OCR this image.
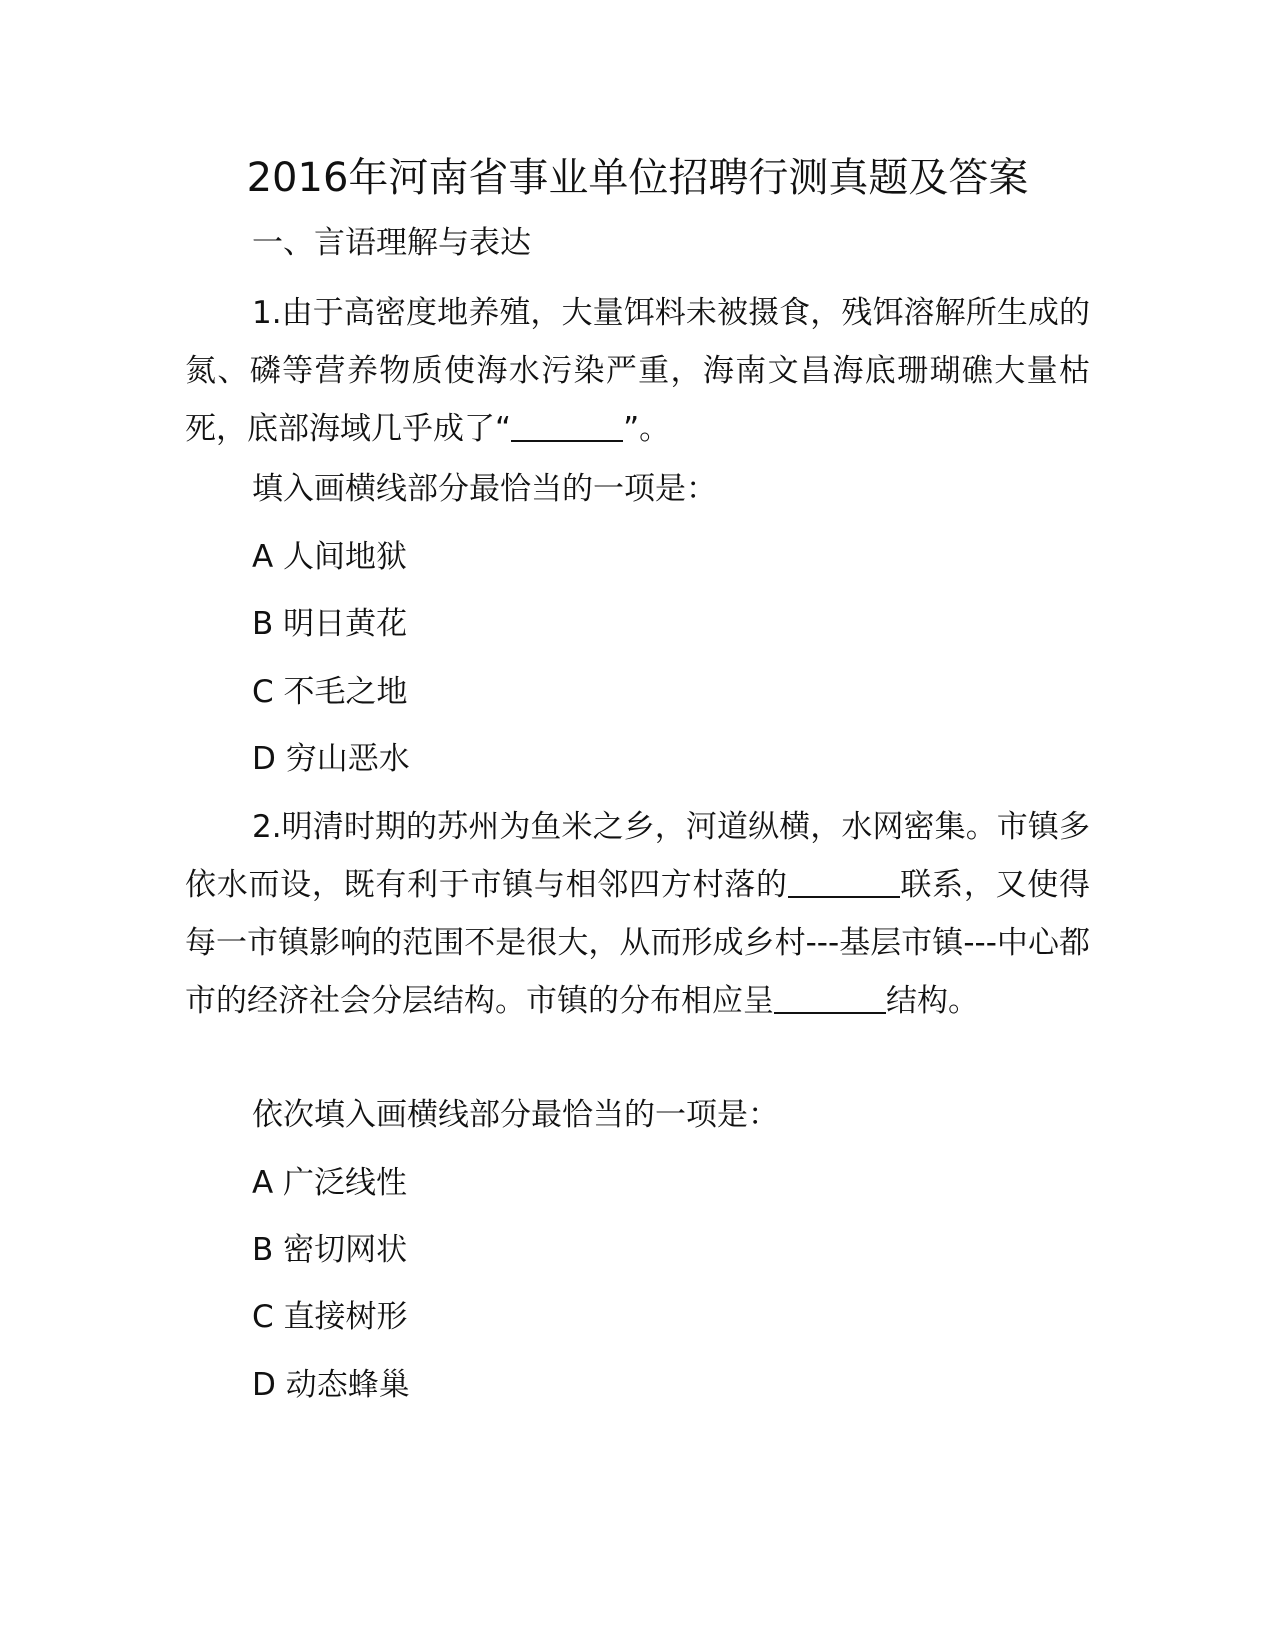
2016年河南省事业单位招聘行测真题及答案
一、言语理解与表达
1.由于高密度地养殖，大量饵料未被摄食，残饵溶解所生成的氮、磷等营养物质使海水污染严重，海南文昌海底珊瑚礁大量枯死，底部海域几乎成了“	”。
填入画横线部分最恰当的一项是：
A 人间地狱
B 明日黄花
C 不毛之地
D 穷山恶水
2.明清时期的苏州为鱼米之乡，河道纵横，水网密集。市镇多依水而设，既有利于市镇与相邻四方村落的	联系，又使得每一市镇影响的范围不是很大，从而形成乡村---基层市镇---中心都市的经济社会分层结构。市镇的分布相应呈	结构。
依次填入画横线部分最恰当的一项是：
A 广泛线性
B 密切网状
C 直接树形
D 动态蜂巢
